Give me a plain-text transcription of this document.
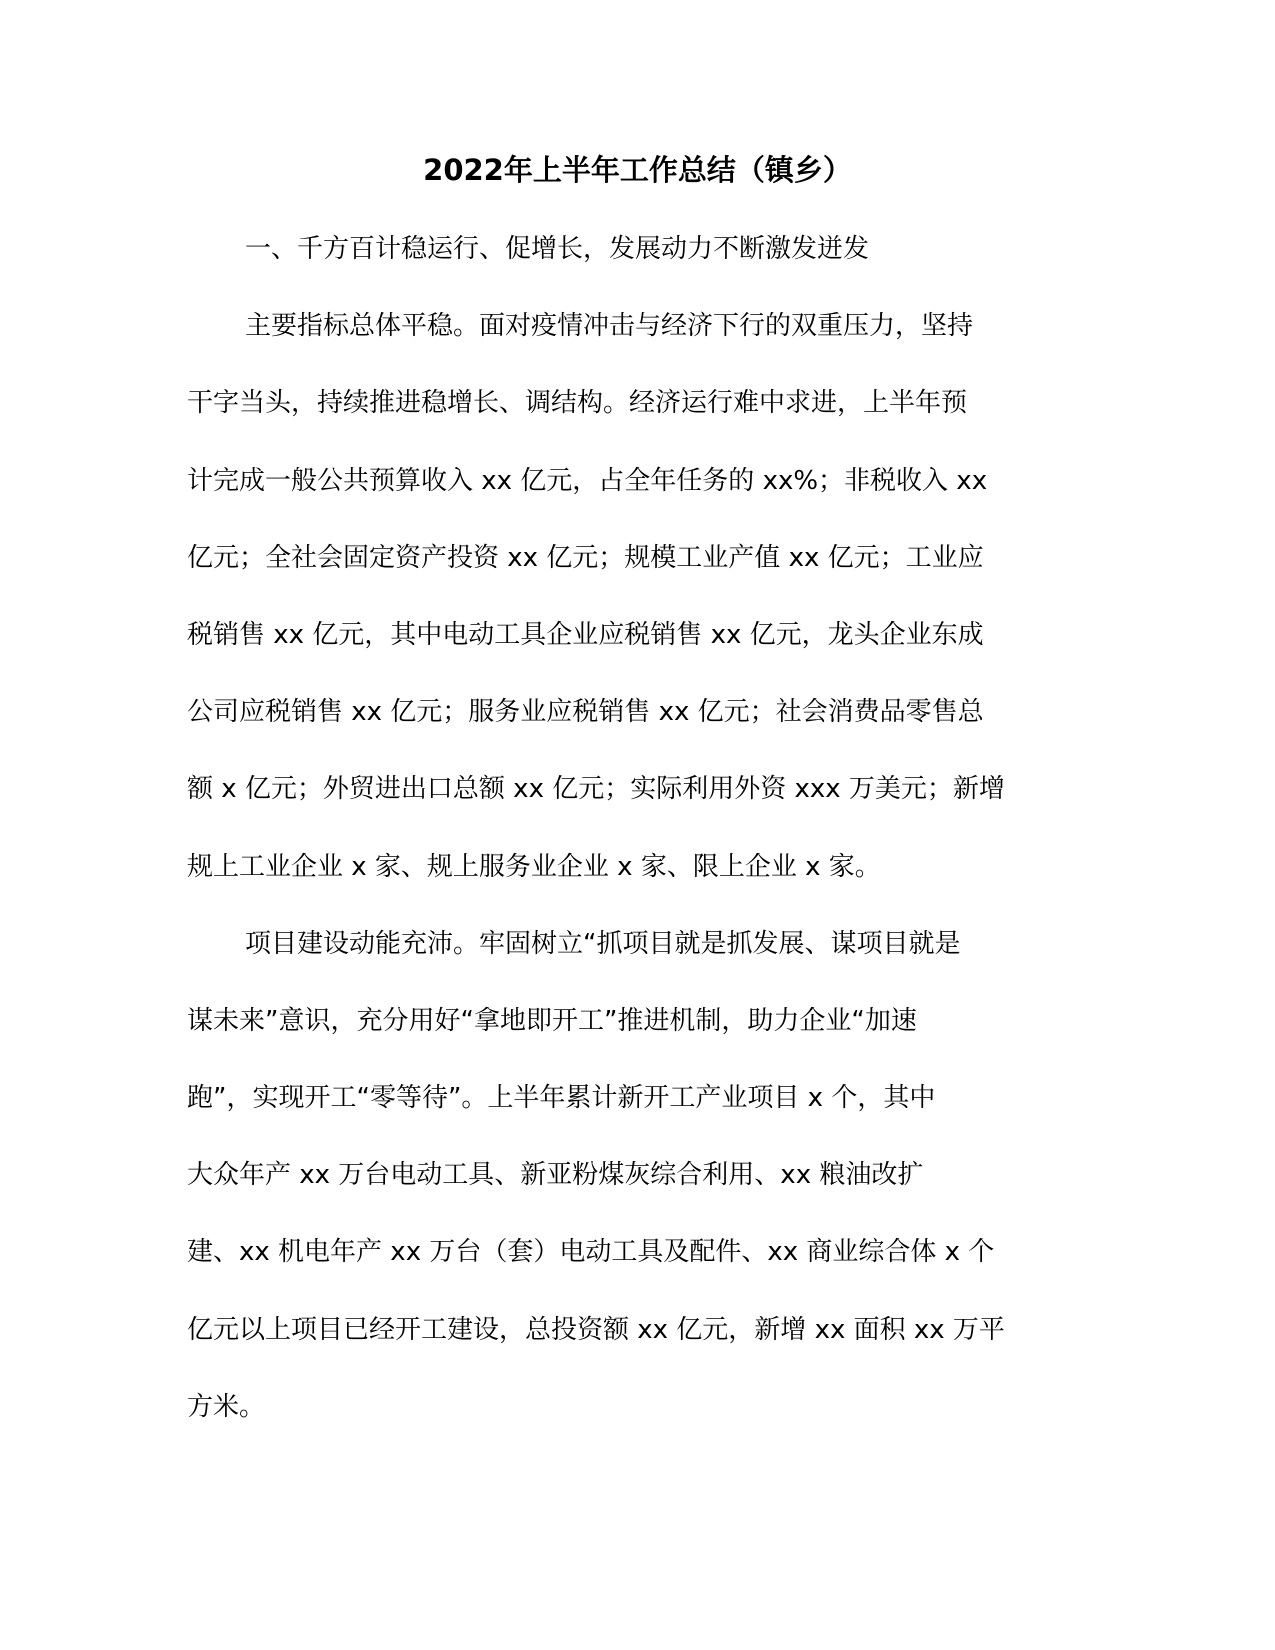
2022年上半年工作总结（镇乡）

一、千方百计稳运行、促增长，发展动力不断激发迸发

主要指标总体平稳。面对疫情冲击与经济下行的双重压力，坚持

干字当头，持续推进稳增长、调结构。经济运行难中求进，上半年预

计完成一般公共预算收入 xx 亿元，占全年任务的 xx%；非税收入 xx

亿元；全社会固定资产投资 xx 亿元；规模工业产值 xx 亿元；工业应

税销售 xx 亿元，其中电动工具企业应税销售 xx 亿元，龙头企业东成

公司应税销售 xx 亿元；服务业应税销售 xx 亿元；社会消费品零售总

额 x 亿元；外贸进出口总额 xx 亿元；实际利用外资 xxx 万美元；新增

规上工业企业 x 家、规上服务业企业 x 家、限上企业 x 家。

项目建设动能充沛。牢固树立“抓项目就是抓发展、谋项目就是

谋未来”意识，充分用好“拿地即开工”推进机制，助力企业“加速

跑”，实现开工“零等待”。上半年累计新开工产业项目 x 个，其中

大众年产 xx 万台电动工具、新亚粉煤灰综合利用、xx 粮油改扩

建、xx 机电年产 xx 万台（套）电动工具及配件、xx 商业综合体 x 个

亿元以上项目已经开工建设，总投资额 xx 亿元，新增 xx 面积 xx 万平

方米。
